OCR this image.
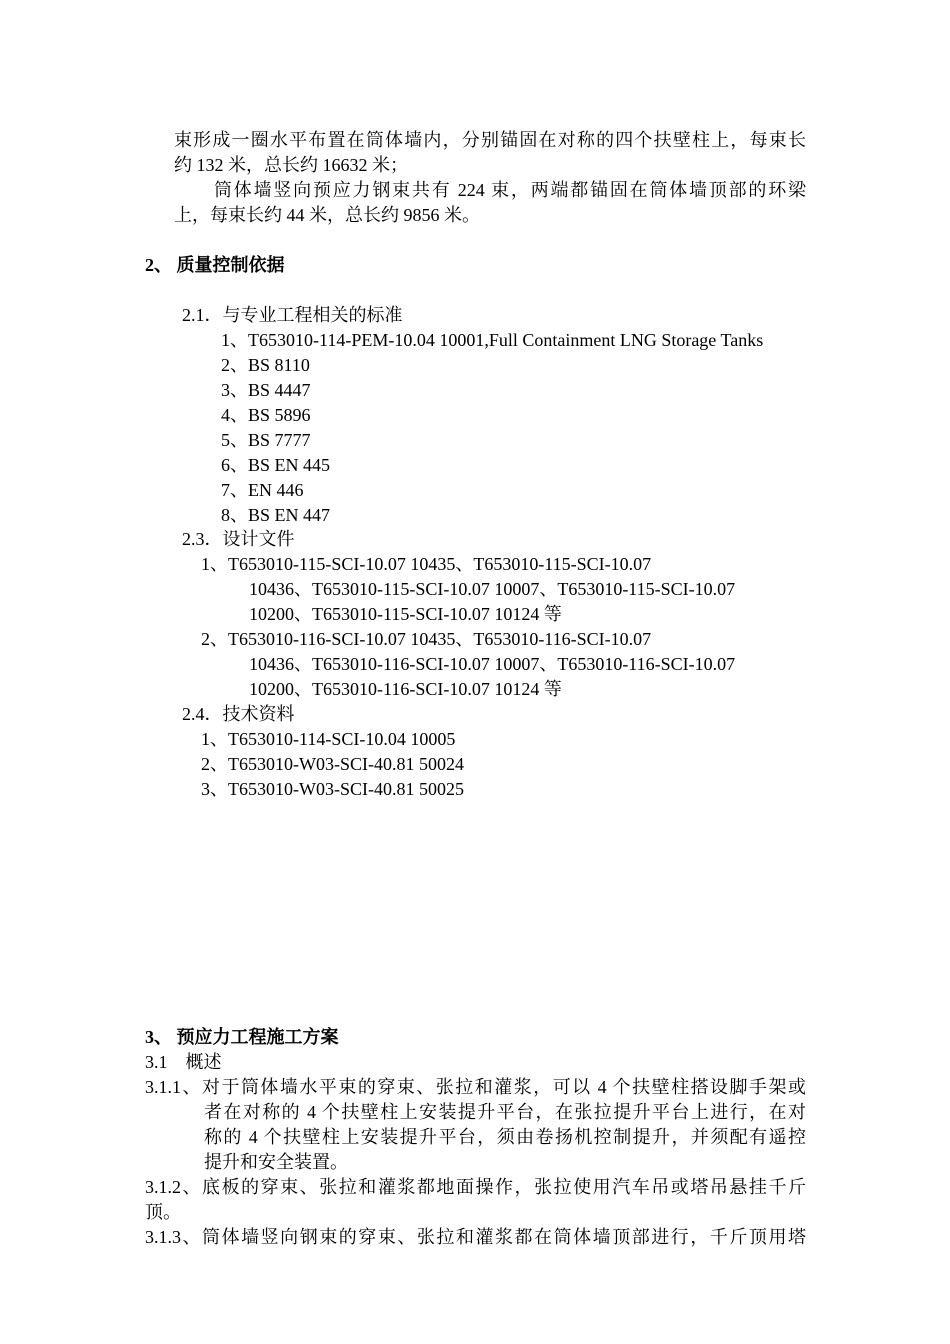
束形成一圈水平布置在筒体墙内，分别锚固在对称的四个扶壁柱上，每束长
约 132 米，总长约 16632 米；
筒体墙竖向预应力钢束共有 224 束，两端都锚固在筒体墙顶部的环梁
上，每束长约 44 米，总长约 9856 米。
2、 质量控制依据
2.1．与专业工程相关的标准
1、T653010-114-PEM-10.04 10001,Full Containment LNG Storage Tanks
2、BS 8110
3、BS 4447
4、BS 5896
5、BS 7777
6、BS EN 445
7、EN 446
8、BS EN 447
2.3．设计文件
1、T653010-115-SCI-10.07 10435、T653010-115-SCI-10.07
10436、T653010-115-SCI-10.07 10007、T653010-115-SCI-10.07
10200、T653010-115-SCI-10.07 10124 等
2、T653010-116-SCI-10.07 10435、T653010-116-SCI-10.07
10436、T653010-116-SCI-10.07 10007、T653010-116-SCI-10.07
10200、T653010-116-SCI-10.07 10124 等
2.4．技术资料
1、T653010-114-SCI-10.04 10005
2、T653010-W03-SCI-40.81 50024
3、T653010-W03-SCI-40.81 50025
3、 预应力工程施工方案
3.1    概述
3.1.1、对于筒体墙水平束的穿束、张拉和灌浆，可以 4 个扶壁柱搭设脚手架或
者在对称的 4 个扶壁柱上安装提升平台，在张拉提升平台上进行，在对
称的 4 个扶壁柱上安装提升平台，须由卷扬机控制提升，并须配有遥控
提升和安全装置。
3.1.2、底板的穿束、张拉和灌浆都地面操作，张拉使用汽车吊或塔吊悬挂千斤
顶。
3.1.3、筒体墙竖向钢束的穿束、张拉和灌浆都在筒体墙顶部进行，千斤顶用塔
